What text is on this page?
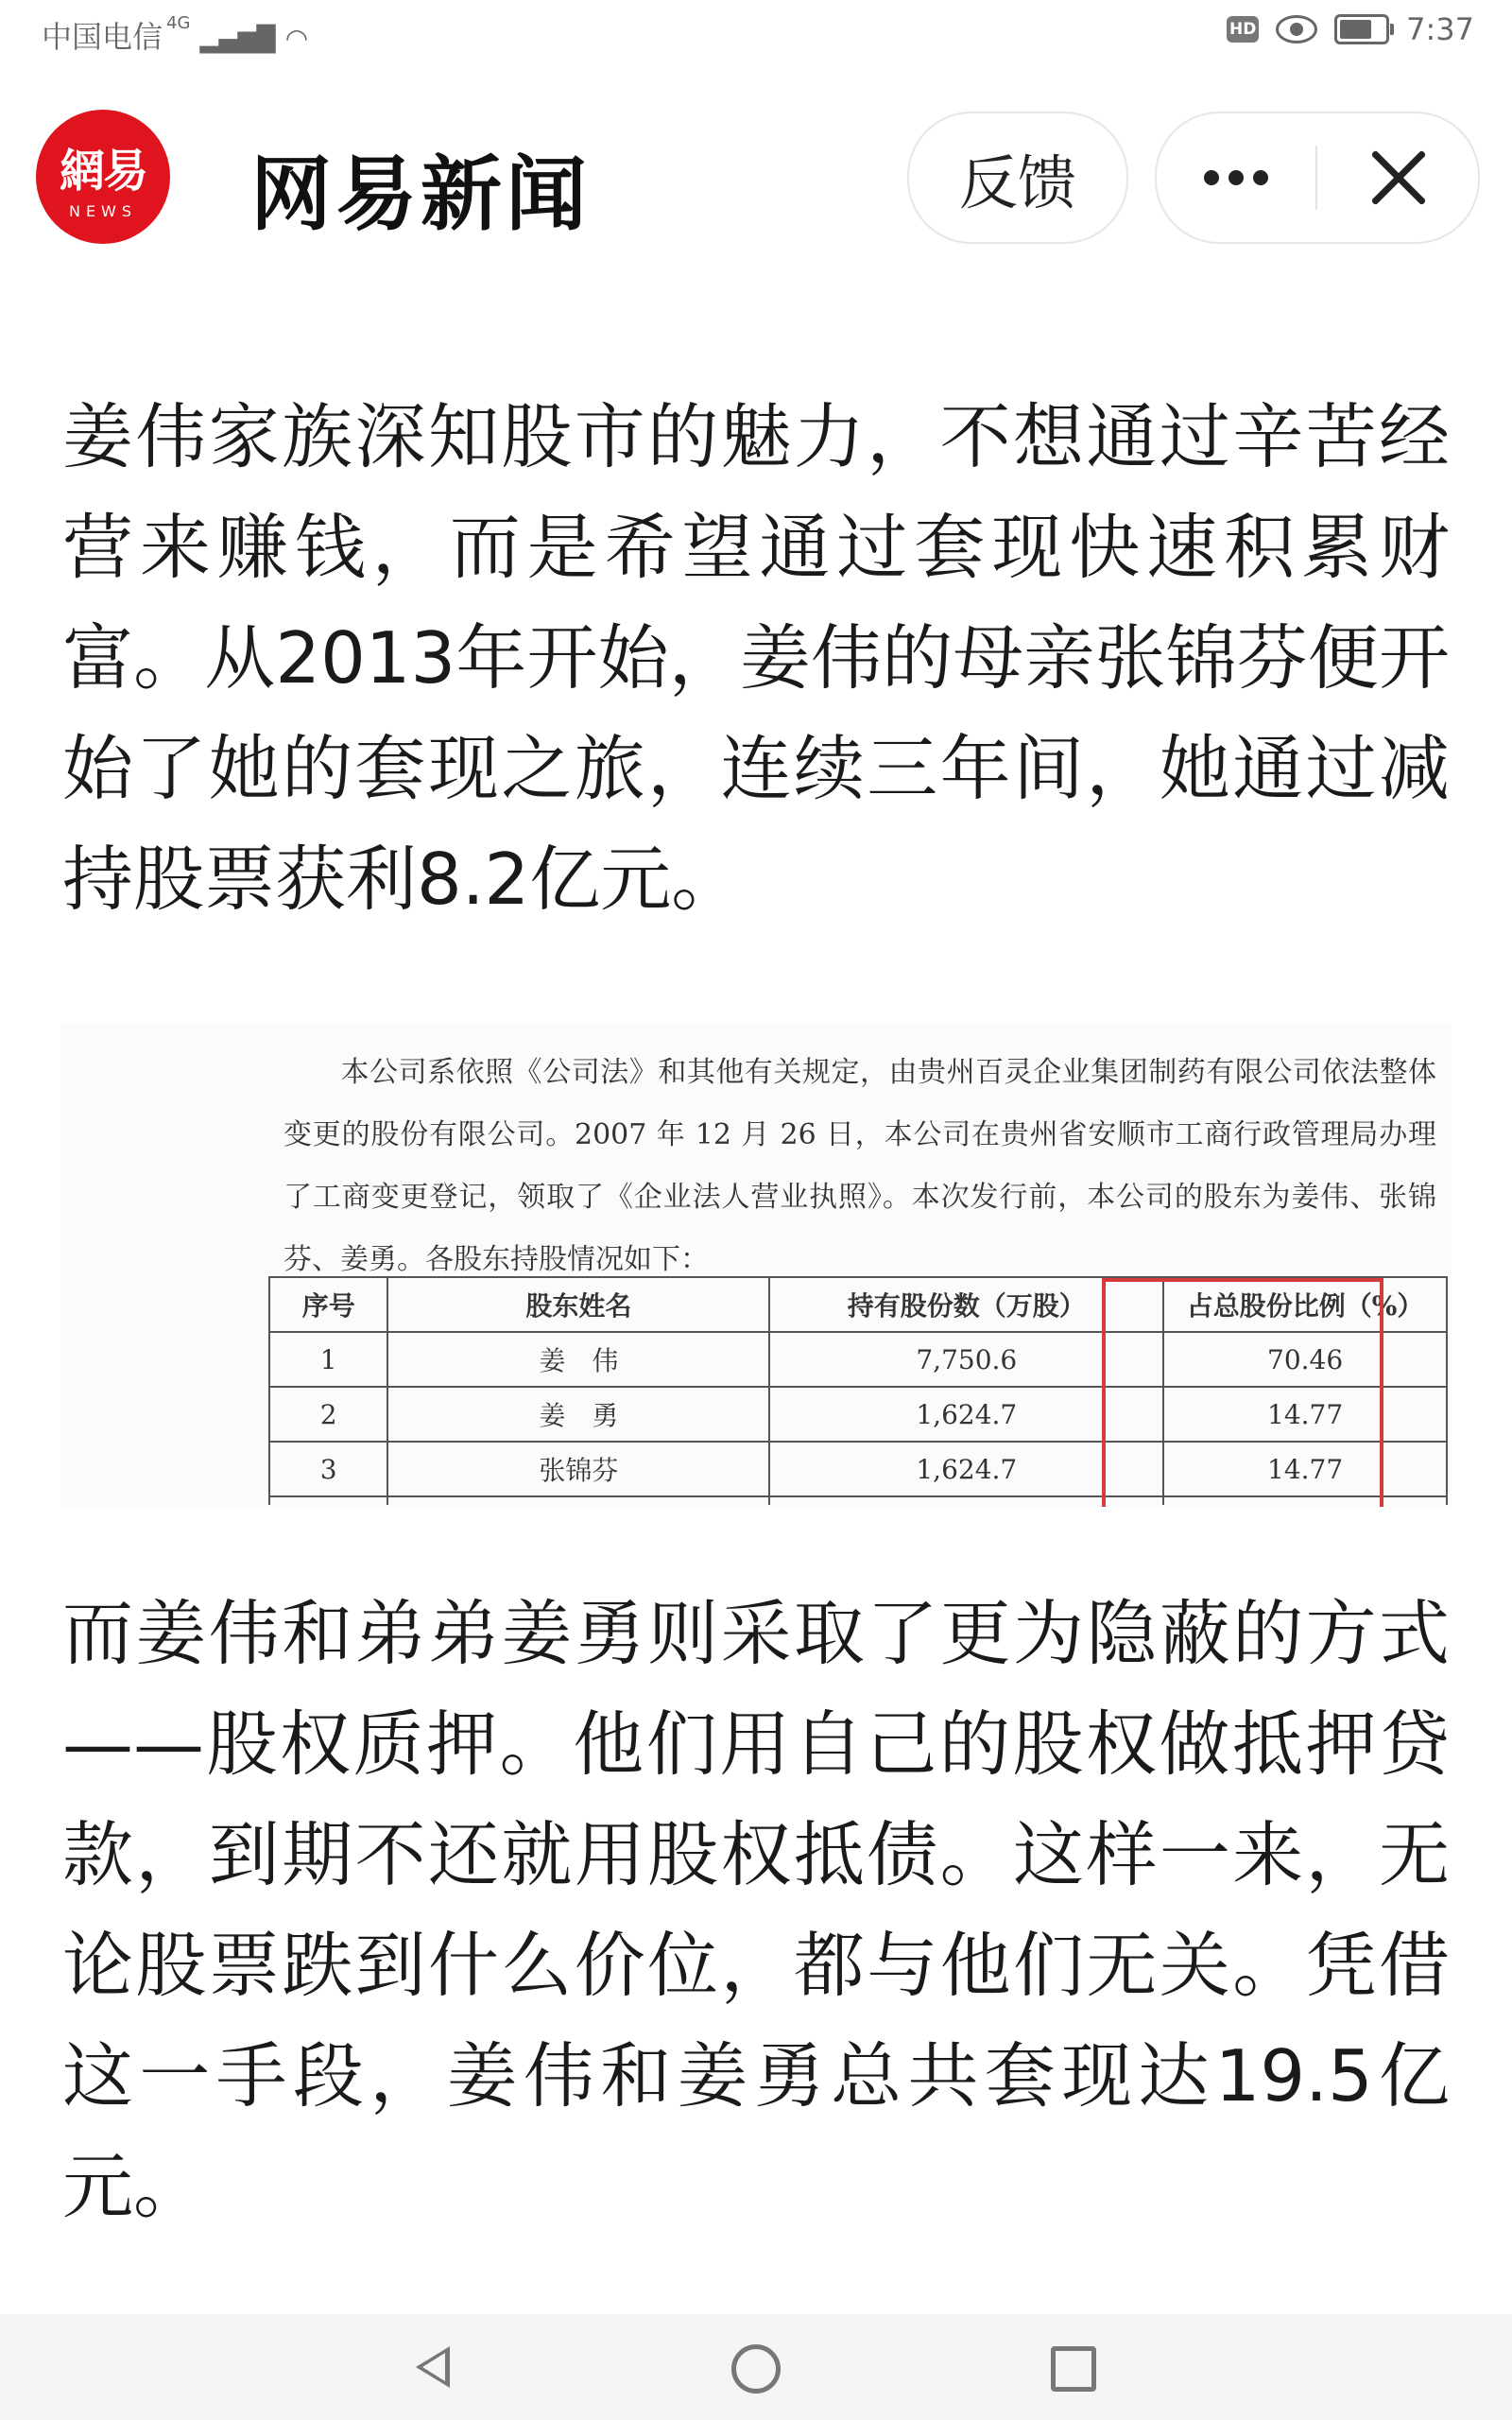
中国电信 $^{4G}$ ▂▄▆█ ◠	HD	7:37
網易
NEWS	网易新闻	反馈

姜伟家族深知股市的魅力，不想通过辛苦经营来赚钱，而是希望通过套现快速积累财富。从2013年开始，姜伟的母亲张锦芬便开始了她的套现之旅，连续三年间，她通过减持股票获利8.2亿元。

本公司系依照《公司法》和其他有关规定，由贵州百灵企业集团制药有限公司依法整体变更的股份有限公司。2007 年 12 月 26 日，本公司在贵州省安顺市工商行政管理局办理了工商变更登记，领取了《企业法人营业执照》。本次发行前，本公司的股东为姜伟、张锦芬、姜勇。各股东持股情况如下：
序号	股东姓名	持有股份数（万股）	占总股份比例（%）
1	姜　伟	7,750.6	70.46
2	姜　勇	1,624.7	14.77
3	张锦芬	1,624.7	14.77

而姜伟和弟弟姜勇则采取了更为隐蔽的方式——股权质押。他们用自己的股权做抵押贷款，到期不还就用股权抵债。这样一来，无论股票跌到什么价位，都与他们无关。凭借这一手段，姜伟和姜勇总共套现达19.5亿元。
